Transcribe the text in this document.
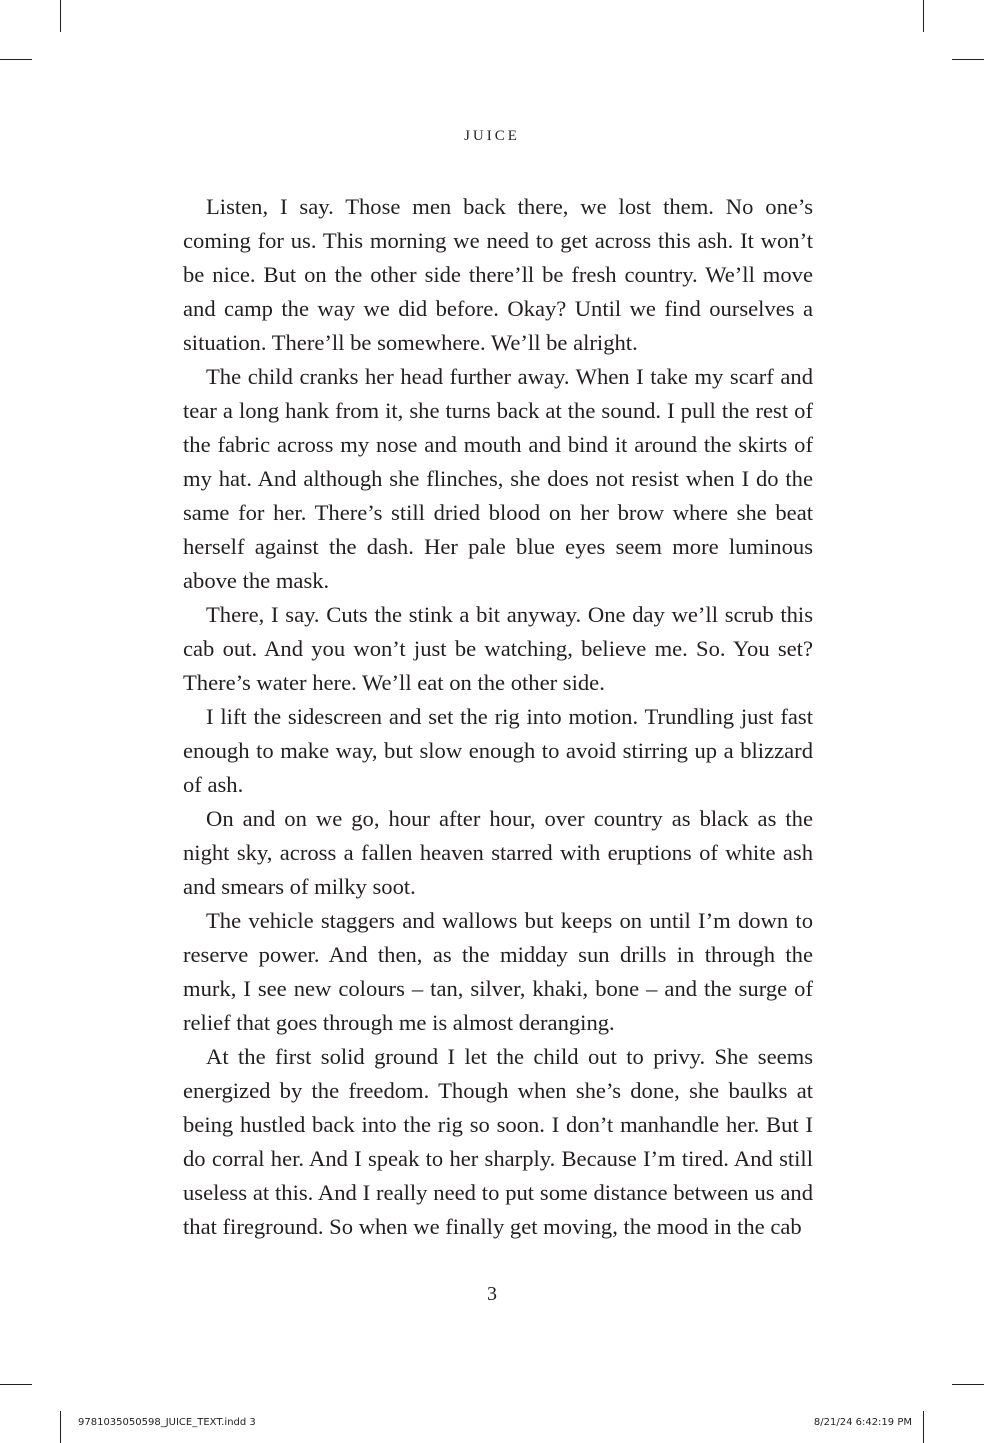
JUICE

Listen, I say. Those men back there, we lost them. No one’s coming for us. This morning we need to get across this ash. It won’t be nice. But on the other side there’ll be fresh country. We’ll move and camp the way we did before. Okay? Until we find ourselves a situation. There’ll be somewhere. We’ll be alright.

The child cranks her head further away. When I take my scarf and tear a long hank from it, she turns back at the sound. I pull the rest of the fabric across my nose and mouth and bind it around the skirts of my hat. And although she flinches, she does not resist when I do the same for her. There’s still dried blood on her brow where she beat herself against the dash. Her pale blue eyes seem more luminous above the mask.

There, I say. Cuts the stink a bit anyway. One day we’ll scrub this cab out. And you won’t just be watching, believe me. So. You set? There’s water here. We’ll eat on the other side.

I lift the sidescreen and set the rig into motion. Trundling just fast enough to make way, but slow enough to avoid stirring up a blizzard of ash.

On and on we go, hour after hour, over country as black as the night sky, across a fallen heaven starred with eruptions of white ash and smears of milky soot.

The vehicle staggers and wallows but keeps on until I’m down to reserve power. And then, as the midday sun drills in through the murk, I see new colours – tan, silver, khaki, bone – and the surge of relief that goes through me is almost deranging.

At the first solid ground I let the child out to privy. She seems energized by the freedom. Though when she’s done, she baulks at being hustled back into the rig so soon. I don’t manhandle her. But I do corral her. And I speak to her sharply. Because I’m tired. And still useless at this. And I really need to put some distance between us and that fireground. So when we finally get moving, the mood in the cab

3
9781035050598_JUICE_TEXT.indd 3	8/21/24 6:42:19 PM
